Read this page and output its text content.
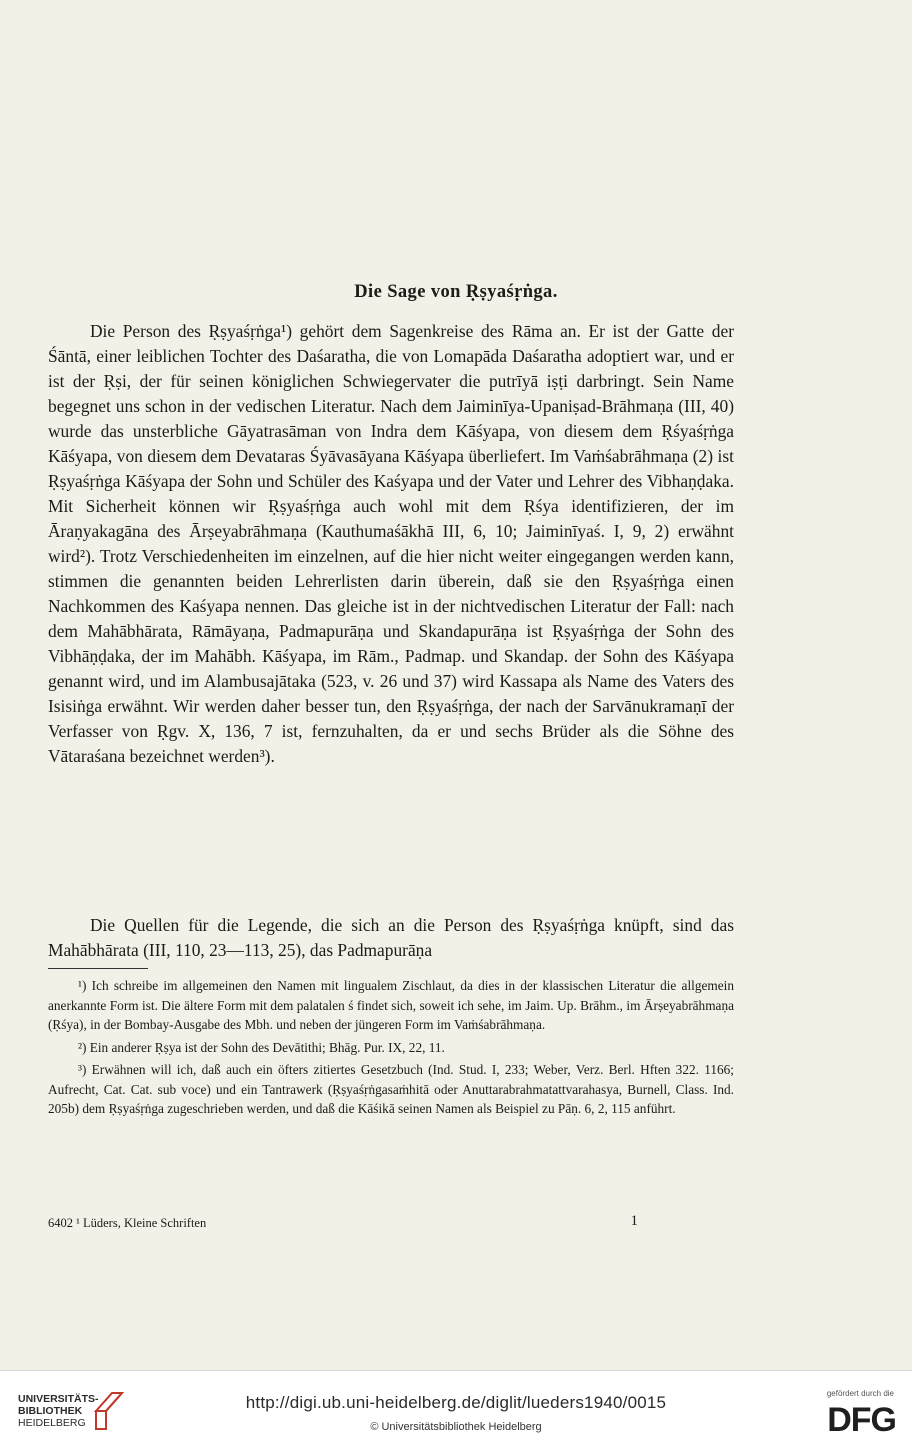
Die Sage von Ṛṣyaśṛṅga.

Die Person des Ṛṣyaśṛṅga¹) gehört dem Sagenkreise des Rāma an. Er ist der Gatte der Śāntā, einer leiblichen Tochter des Daśaratha, die von Lomapāda Daśaratha adoptiert war, und er ist der Ṛṣi, der für seinen königlichen Schwiegervater die putrīyā iṣṭi darbringt. Sein Name begegnet uns schon in der vedischen Literatur. Nach dem Jaiminīya-Upaniṣad-Brāhmaṇa (III, 40) wurde das unsterbliche Gāyatrasāman von Indra dem Kāśyapa, von diesem dem Ṛśyaśṛṅga Kāśyapa, von diesem dem Devataras Śyāvasāyana Kāśyapa überliefert. Im Vaṁśabrāhmaṇa (2) ist Ṛṣyaśṛṅga Kāśyapa der Sohn und Schüler des Kaśyapa und der Vater und Lehrer des Vibhaṇḍaka. Mit Sicherheit können wir Ṛṣyaśṛṅga auch wohl mit dem Ṛśya identifizieren, der im Āraṇyakagāna des Ārṣeyabrāhmaṇa (Kauthumaśākhā III, 6, 10; Jaiminīyaś. I, 9, 2) erwähnt wird²). Trotz Verschiedenheiten im einzelnen, auf die hier nicht weiter eingegangen werden kann, stimmen die genannten beiden Lehrerlisten darin überein, daß sie den Ṛṣyaśṛṅga einen Nachkommen des Kaśyapa nennen. Das gleiche ist in der nichtvedischen Literatur der Fall: nach dem Mahābhārata, Rāmāyaṇa, Padmapurāṇa und Skandapurāṇa ist Ṛṣyaśṛṅga der Sohn des Vibhāṇḍaka, der im Mahābh. Kāśyapa, im Rām., Padmap. und Skandap. der Sohn des Kāśyapa genannt wird, und im Alambusajātaka (523, v. 26 und 37) wird Kassapa als Name des Vaters des Isisiṅga erwähnt. Wir werden daher besser tun, den Ṛṣyaśṛṅga, der nach der Sarvānukramaṇī der Verfasser von Ṛgv. X, 136, 7 ist, fernzuhalten, da er und sechs Brüder als die Söhne des Vātaraśana bezeichnet werden³).

Die Quellen für die Legende, die sich an die Person des Ṛṣyaśṛṅga knüpft, sind das Mahābhārata (III, 110, 23—113, 25), das Padmapurāṇa

¹) Ich schreibe im allgemeinen den Namen mit lingualem Zischlaut, da dies in der klassischen Literatur die allgemein anerkannte Form ist. Die ältere Form mit dem palatalen ś findet sich, soweit ich sehe, im Jaim. Up. Brāhm., im Ārṣeyabrāhmaṇa (Ṛśya), in der Bombay-Ausgabe des Mbh. und neben der jüngeren Form im Vaṁśabrāhmaṇa.

²) Ein anderer Ṛṣya ist der Sohn des Devātithi; Bhāg. Pur. IX, 22, 11.

³) Erwähnen will ich, daß auch ein öfters zitiertes Gesetzbuch (Ind. Stud. I, 233; Weber, Verz. Berl. Hften 322. 1166; Aufrecht, Cat. Cat. sub voce) und ein Tantrawerk (Ṛṣyaśṛṅgasaṁhitā oder Anuttarabrahmatattvarahasya, Burnell, Class. Ind. 205b) dem Ṛṣyaśṛṅga zugeschrieben werden, und daß die Kāśikā seinen Namen als Beispiel zu Pāṇ. 6, 2, 115 anführt.

6402 ¹ Lüders, Kleine Schriften	1
UNIVERSITÄTS-
BIBLIOTHEK
HEIDELBERG
http://digi.ub.uni-heidelberg.de/diglit/lueders1940/0015
© Universitätsbibliothek Heidelberg
gefördert durch die
DFG
